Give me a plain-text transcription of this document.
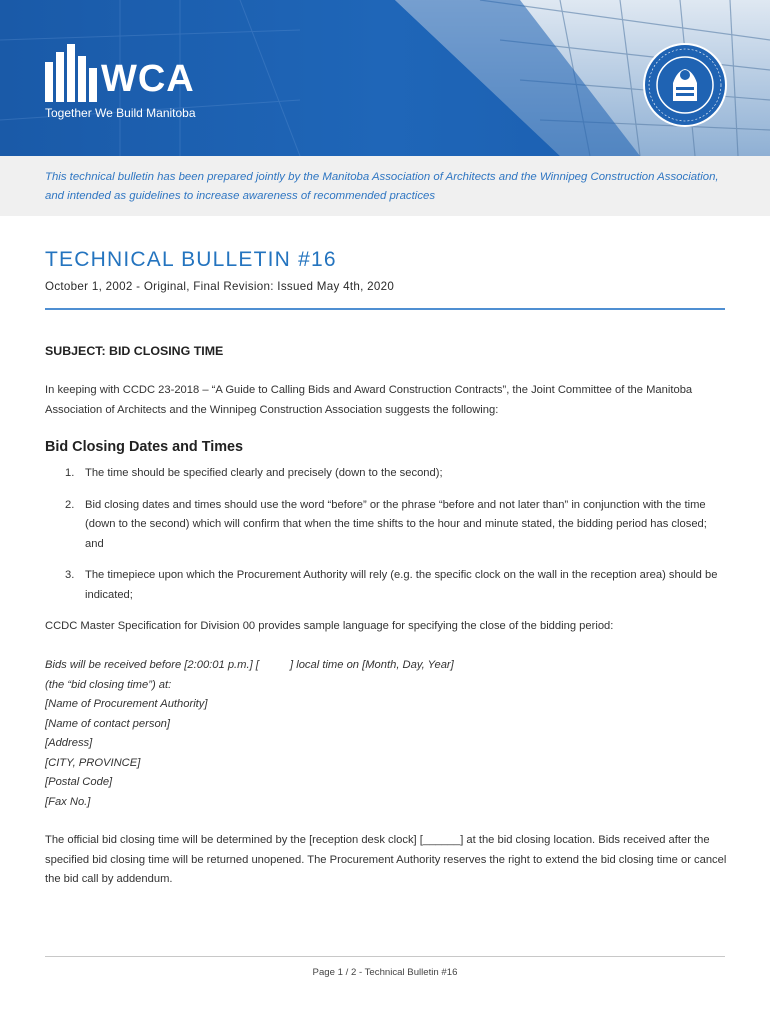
WCA
Together We Build Manitoba

This technical bulletin has been prepared jointly by the Manitoba Association of Architects and the Winnipeg Construction Association, and intended as guidelines to increase awareness of recommended practices

TECHNICAL BULLETIN #16
October 1, 2002 - Original, Final Revision: Issued May 4th, 2020
SUBJECT: BID CLOSING TIME

In keeping with CCDC 23-2018 – “A Guide to Calling Bids and Award Construction Contracts”, the Joint Committee of the Manitoba Association of Architects and the Winnipeg Construction Association suggests the following:

Bid Closing Dates and Times
1. The time should be specified clearly and precisely (down to the second);
2. Bid closing dates and times should use the word “before” or the phrase “before and not later than” in conjunction with the time (down to the second) which will confirm that when the time shifts to the hour and minute stated, the bidding period has closed; and
3. The timepiece upon which the Procurement Authority will rely (e.g. the specific clock on the wall in the reception area) should be indicated;

CCDC Master Specification for Division 00 provides sample language for specifying the close of the bidding period:

Bids will be received before [2:00:01 p.m.] [          ] local time on [Month, Day, Year]
(the “bid closing time”) at:
[Name of Procurement Authority]
[Name of contact person]
[Address]
[CITY, PROVINCE]
[Postal Code]
[Fax No.]

The official bid closing time will be determined by the [reception desk clock] [______] at the bid closing location. Bids received after the specified bid closing time will be returned unopened. The Procurement Authority reserves the right to extend the bid closing time or cancel the bid call by addendum.

Page 1 / 2 - Technical Bulletin #16
